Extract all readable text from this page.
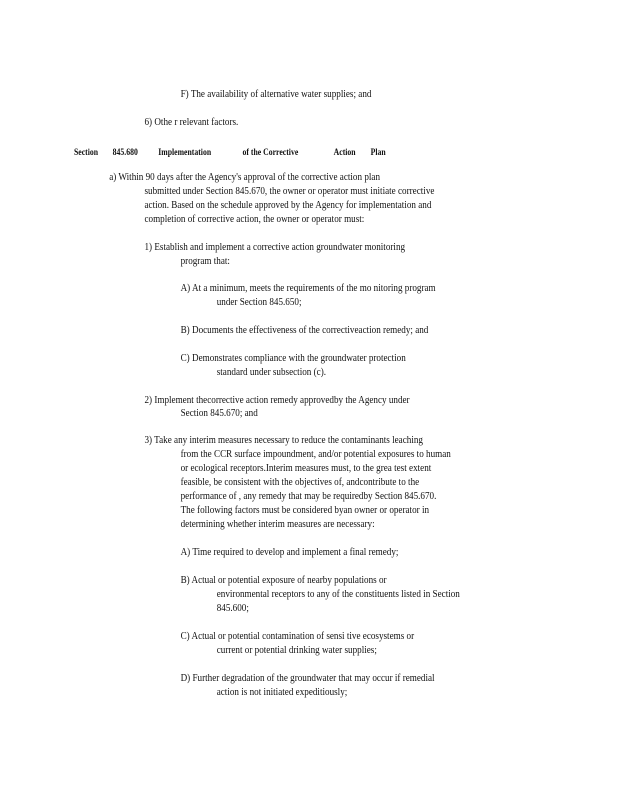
F) The availability of alternative water supplies; and
6) Othe r relevant factors.
Section 845.680 Implementation	of the Corrective	Action Plan
a) Within 90 days after the Agency's approval of the corrective action plan
submitted under Section 845.670, the owner or operator must initiate corrective
action. Based on the schedule approved by the Agency for implementation and
completion of corrective action, the owner or operator must:
1) Establish and implement a corrective action groundwater monitoring
program that:
A) At a minimum, meets the requirements of the mo nitoring program
under Section 845.650;
B) Documents the effectiveness of the correctiveaction remedy; and
C) Demonstrates compliance with the groundwater protection
standard under subsection (c).
2) Implement thecorrective action remedy approvedby the Agency under
Section 845.670; and
3) Take any interim measures necessary to reduce the contaminants leaching
from the CCR surface impoundment, and/or potential exposures to human
or ecological receptors.Interim measures must, to the grea test extent
feasible, be consistent with the objectives of, andcontribute to the
performance of , any remedy that may be requiredby Section 845.670.
The following factors must be considered byan owner or operator in
determining whether interim measures are necessary:
A) Time required to develop and implement a final remedy;
B) Actual or potential exposure of nearby populations or
environmental receptors to any of the constituents listed in Section
845.600;
C) Actual or potential contamination of sensi tive ecosystems or
current or potential drinking water supplies;
D) Further degradation of the groundwater that may occur if remedial
action is not initiated expeditiously;
